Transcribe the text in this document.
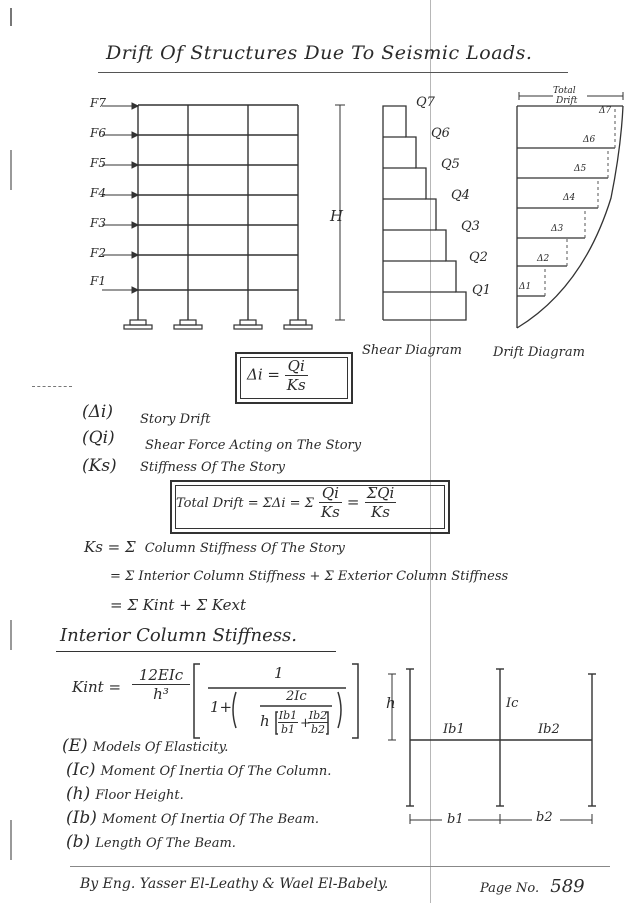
Drift Of Structures Due To Seismic Loads.
F7
F6
F5
F4
F3
F2
F1
H
Q7
Q6
Q5
Q4
Q3
Q2
Q1
Shear Diagram
Total
Drift
Δ7
Δ6
Δ5
Δ4
Δ3
Δ2
Δ1
Drift Diagram
$\Delta i = \frac{Qi}{Ks}$
(Δi) Story Drift
(Qi) Shear Force Acting on The Story
(Ks) Stiffness Of The Story
Total Drift = ΣΔi = Σ $\frac{Qi}{Ks} = \frac{\text{ΣQi}}{Ks}$
Ks = Σ Column Stiffness Of The Story
= Σ Interior Column Stiffness + Σ Exterior Column Stiffness
= Σ Kint + Σ Kext
Interior Column Stiffness.
Kint =
12EIc
h³
1
1+
2Ic
h Ib1
b1 +
Ib2
b2
(E) Models Of Elasticity.
(Ic) Moment Of Inertia Of The Column.
(h) Floor Height.
(Ib) Moment Of Inertia Of The Beam.
(b) Length Of The Beam.
h	Ic
Ib1	Ib2
b1	b2
By Eng. Yasser El-Leathy & Wael El-Babely.	Page No. 589
